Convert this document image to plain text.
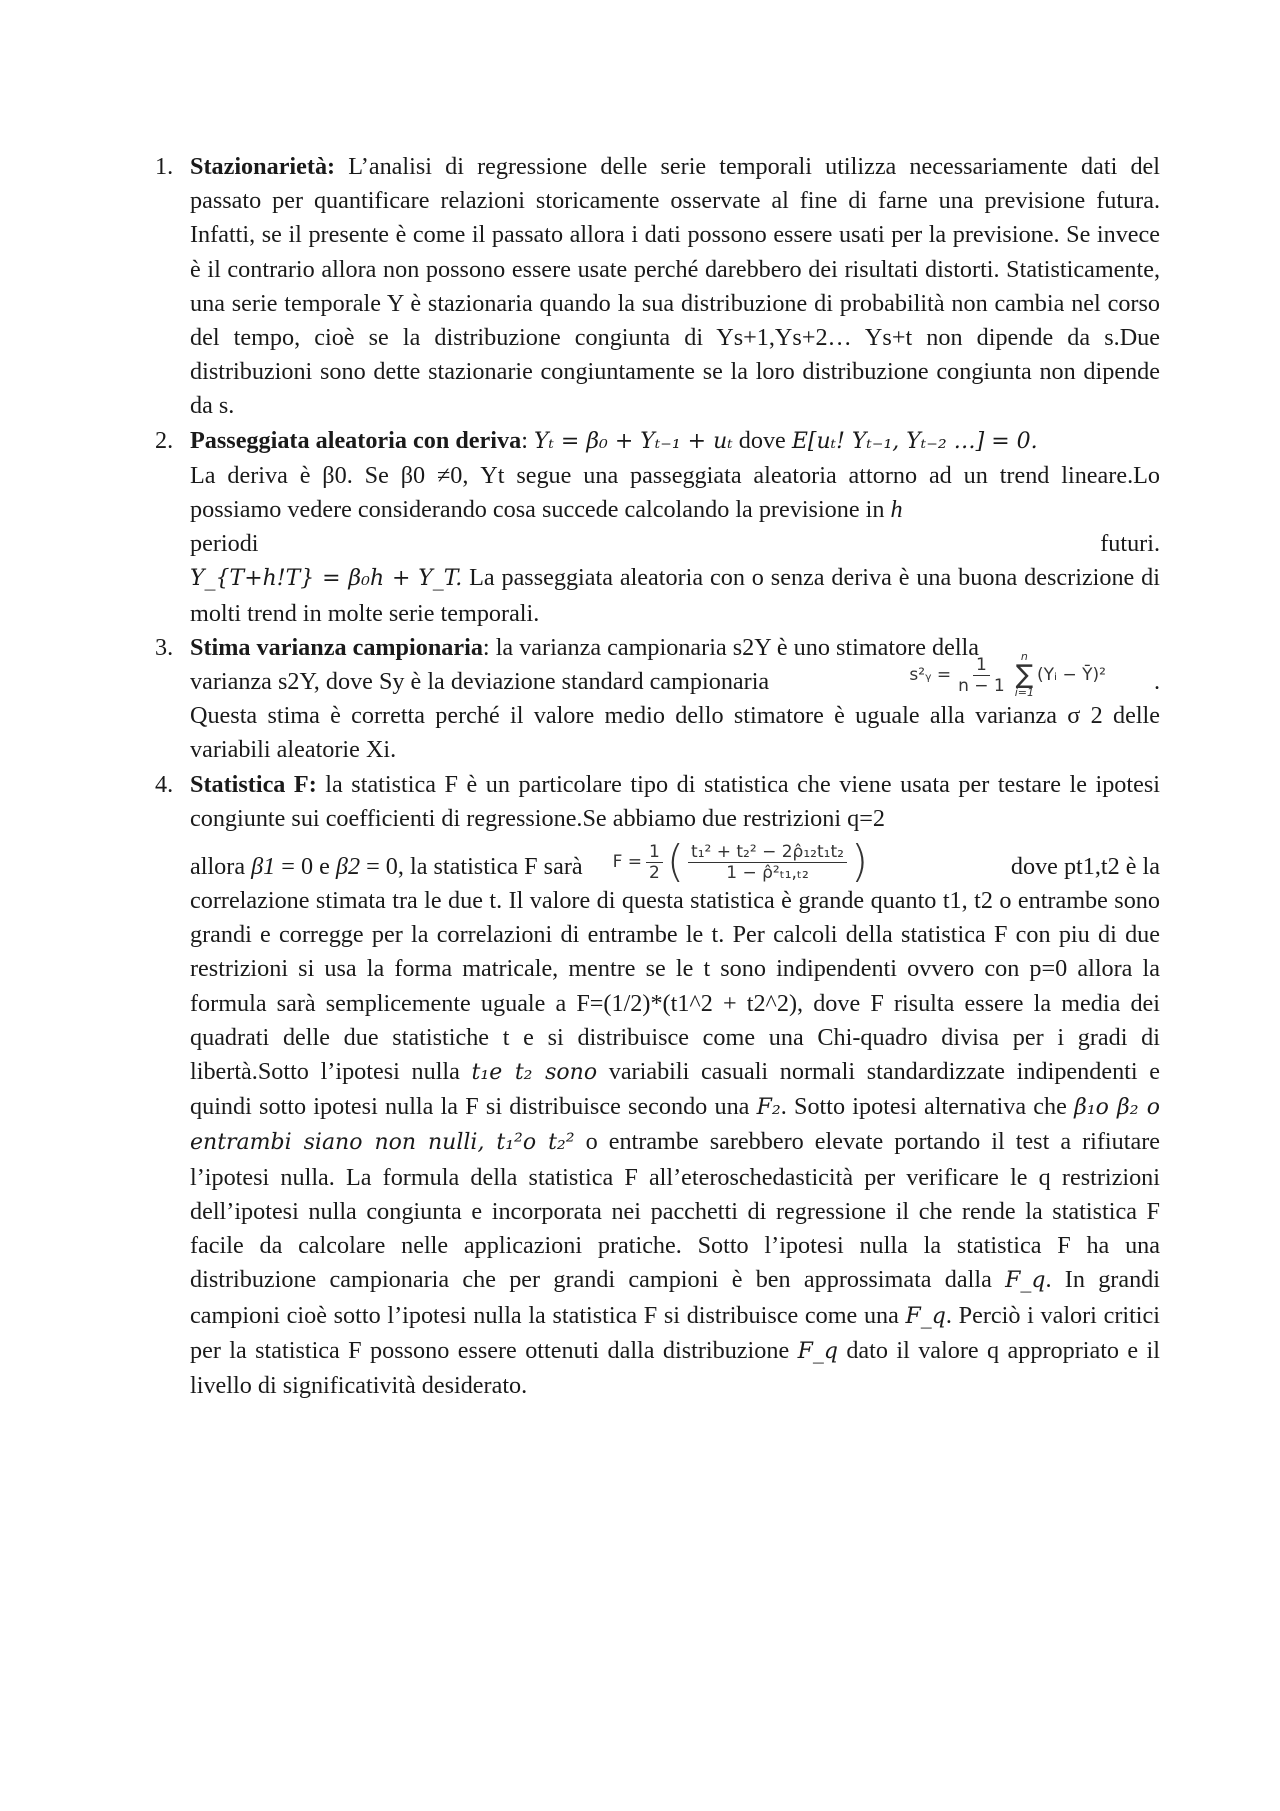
1. Stazionarietà: L’analisi di regressione delle serie temporali utilizza necessariamente dati del passato per quantificare relazioni storicamente osservate al fine di farne una previsione futura. Infatti, se il presente è come il passato allora i dati possono essere usati per la previsione. Se invece è il contrario allora non possono essere usate perché darebbero dei risultati distorti. Statisticamente, una serie temporale Y è stazionaria quando la sua distribuzione di probabilità non cambia nel corso del tempo, cioè se la distribuzione congiunta di Ys+1,Ys+2… Ys+t non dipende da s.Due distribuzioni sono dette stazionarie congiuntamente se la loro distribuzione congiunta non dipende da s.
2. Passeggiata aleatoria con deriva: Yₜ = β₀ + Yₜ₋₁ + uₜ dove E[uₜ! Yₜ₋₁, Yₜ₋₂ …] = 0.
La deriva è β0. Se β0 ≠0, Yt segue una passeggiata aleatoria attorno ad un trend lineare.Lo possiamo vedere considerando cosa succede calcolando la previsione in h
periodi	futuri.
Y_{T+h!T} = β₀h + Y_T. La passeggiata aleatoria con o senza deriva è una buona descrizione di molti trend in molte serie temporali.
3. Stima varianza campionaria: la varianza campionaria s2Y è uno stimatore della
varianza s2Y, dove Sy è la deviazione standard campionaria	s²ᵧ = $\frac{1}{n - 1}$ n
∑
i=1
(Yᵢ − Ȳ)² .
Questa stima è corretta perché il valore medio dello stimatore è uguale alla varianza σ 2 delle variabili aleatorie Xi.
4. Statistica F: la statistica F è un particolare tipo di statistica che viene usata per testare le ipotesi congiunte sui coefficienti di regressione.Se abbiamo due restrizioni q=2
allora β1 = 0 e β2 = 0, la statistica F sarà $F = \frac{1}{2}$ ( $\frac{\text{t₁² + t₂² − 2ρ̂₁₂t₁t₂}}{\text{1 − ρ̂²ₜ₁,ₜ₂}}$ )	dove pt1,t2 è la
correlazione stimata tra le due t. Il valore di questa statistica è grande quanto t1, t2 o entrambe sono grandi e corregge per la correlazioni di entrambe le t. Per calcoli della statistica F con piu di due restrizioni si usa la forma matricale, mentre se le t sono indipendenti ovvero con p=0 allora la formula sarà semplicemente uguale a F=(1/2)*(t1^2 + t2^2), dove F risulta essere la media dei quadrati delle due statistiche t e si distribuisce come una Chi-quadro divisa per i gradi di libertà.Sotto l’ipotesi nulla t₁e t₂ sono variabili casuali normali standardizzate indipendenti e quindi sotto ipotesi nulla la F si distribuisce secondo una F₂. Sotto ipotesi alternativa che β₁o β₂ o entrambi siano non nulli, t₁²o t₂² o entrambe sarebbero elevate portando il test a rifiutare l’ipotesi nulla. La formula della statistica F all’eteroschedasticità per verificare le q restrizioni dell’ipotesi nulla congiunta e incorporata nei pacchetti di regressione il che rende la statistica F facile da calcolare nelle applicazioni pratiche. Sotto l’ipotesi nulla la statistica F ha una distribuzione campionaria che per grandi campioni è ben approssimata dalla F_q. In grandi campioni cioè sotto l’ipotesi nulla la statistica F si distribuisce come una F_q. Perciò i valori critici per la statistica F possono essere ottenuti dalla distribuzione F_q dato il valore q appropriato e il livello di significatività desiderato.
